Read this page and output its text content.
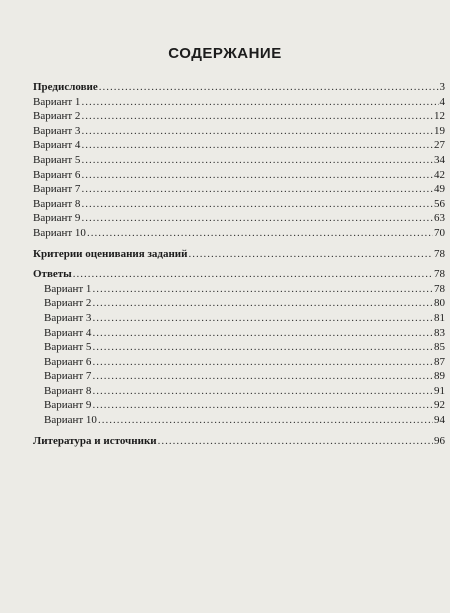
СОДЕРЖАНИЕ
Предисловие .....	3
Вариант 1 .....	4
Вариант 2 .....	12
Вариант 3 .....	19
Вариант 4 .....	27
Вариант 5 .....	34
Вариант 6 .....	42
Вариант 7 .....	49
Вариант 8 .....	56
Вариант 9 .....	63
Вариант 10 .....	70
Критерии оценивания заданий .....	78
Ответы .....	78
Вариант 1 .....	78
Вариант 2 .....	80
Вариант 3 .....	81
Вариант 4 .....	83
Вариант 5 .....	85
Вариант 6 .....	87
Вариант 7 .....	89
Вариант 8 .....	91
Вариант 9 .....	92
Вариант 10 .....	94
Литература и источники .....	96
